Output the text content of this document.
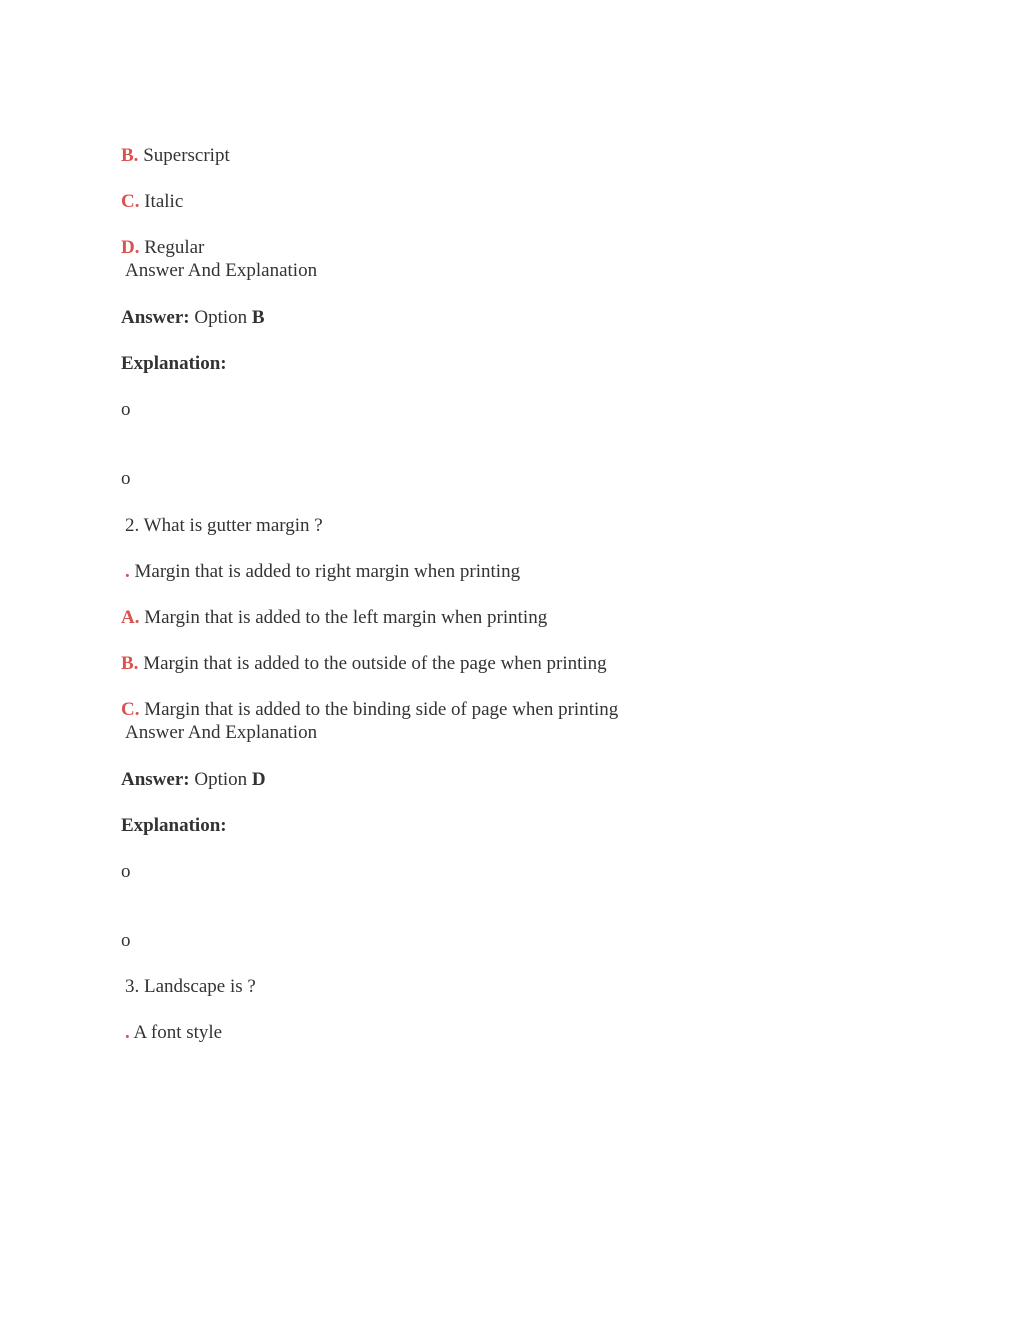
B. Superscript
C. Italic
D. Regular
Answer And Explanation
Answer: Option B
Explanation:
o
o
2. What is gutter margin ?
. Margin that is added to right margin when printing
A. Margin that is added to the left margin when printing
B. Margin that is added to the outside of the page when printing
C. Margin that is added to the binding side of page when printing
Answer And Explanation
Answer: Option D
Explanation:
o
o
3. Landscape is ?
. A font style
